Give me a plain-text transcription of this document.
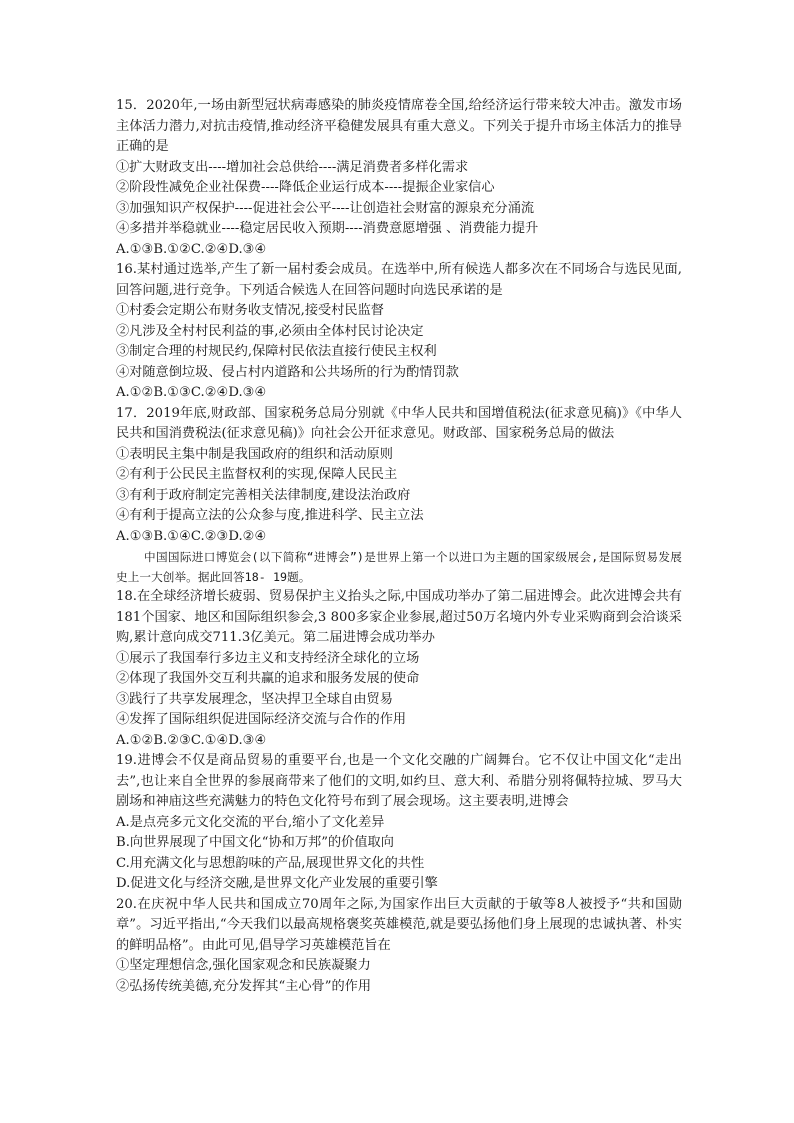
15．2020年,一场由新型冠状病毒感染的肺炎疫情席卷全国,给经济运行带来较大冲击。激发市场主体活力潜力,对抗击疫情,推动经济平稳健发展具有重大意义。下列关于提升市场主体活力的推导正确的是
①扩大财政支出----增加社会总供给----满足消费者多样化需求
②阶段性减免企业社保费----降低企业运行成本----提振企业家信心
③加强知识产权保护----促进社会公平----让创造社会财富的源泉充分涌流
④多措并举稳就业----稳定居民收入预期----消费意愿增强 、消费能力提升
A.①③B.①②C.②④D.③④
16.某村通过选举,产生了新一届村委会成员。在选举中,所有候选人都多次在不同场合与选民见面,回答问题,进行竞争。下列适合候选人在回答问题时向选民承诺的是
①村委会定期公布财务收支情况,接受村民监督
②凡涉及全村村民利益的事,必须由全体村民讨论决定
③制定合理的村规民约,保障村民依法直接行使民主权利
④对随意倒垃圾、侵占村内道路和公共场所的行为酌情罚款
A.①②B.①③C.②④D.③④
17．2019年底,财政部、国家税务总局分别就《中华人民共和国增值税法(征求意见稿)》《中华人民共和国消费税法(征求意见稿)》向社会公开征求意见。财政部、国家税务总局的做法
①表明民主集中制是我国政府的组织和活动原则
②有利于公民民主监督权利的实现,保障人民民主
③有利于政府制定完善相关法律制度,建设法治政府
④有利于提高立法的公众参与度,推进科学、民主立法
A.①③B.①④C.②③D.②④
中国国际进口博览会(以下简称“进博会”)是世界上第一个以进口为主题的国家级展会,是国际贸易发展史上一大创举。据此回答18- 19题。
18.在全球经济增长疲弱、贸易保护主义抬头之际,中国成功举办了第二届进博会。此次进博会共有181个国家、地区和国际组织参会,3 800多家企业参展,超过50万名境内外专业采购商到会洽谈采购,累计意向成交711.3亿美元。第二届进博会成功举办
①展示了我国奉行多边主义和支持经济全球化的立场
②体现了我国外交互利共赢的追求和服务发展的使命
③践行了共享发展理念，坚决捍卫全球自由贸易
④发挥了国际组织促进国际经济交流与合作的作用
A.①②B.②③C.①④D.③④
19.进博会不仅是商品贸易的重要平台,也是一个文化交融的广阔舞台。它不仅让中国文化“走出去”,也让来自全世界的参展商带来了他们的文明,如约旦、意大利、希腊分别将佩特拉城、罗马大剧场和神庙这些充满魅力的特色文化符号布到了展会现场。这主要表明,进博会
A.是点亮多元文化交流的平台,缩小了文化差异
B.向世界展现了中国文化“协和万邦”的价值取向
C.用充满文化与思想韵味的产品,展现世界文化的共性
D.促进文化与经济交融,是世界文化产业发展的重要引擎
20.在庆祝中华人民共和国成立70周年之际,为国家作出巨大贡献的于敏等8人被授予“共和国勋章”。习近平指出,“今天我们以最高规格褒奖英雄模范,就是要弘扬他们身上展现的忠诚执著、朴实的鲜明品格”。由此可见,倡导学习英雄模范旨在
①坚定理想信念,强化国家观念和民族凝聚力
②弘扬传统美德,充分发挥其“主心骨”的作用
